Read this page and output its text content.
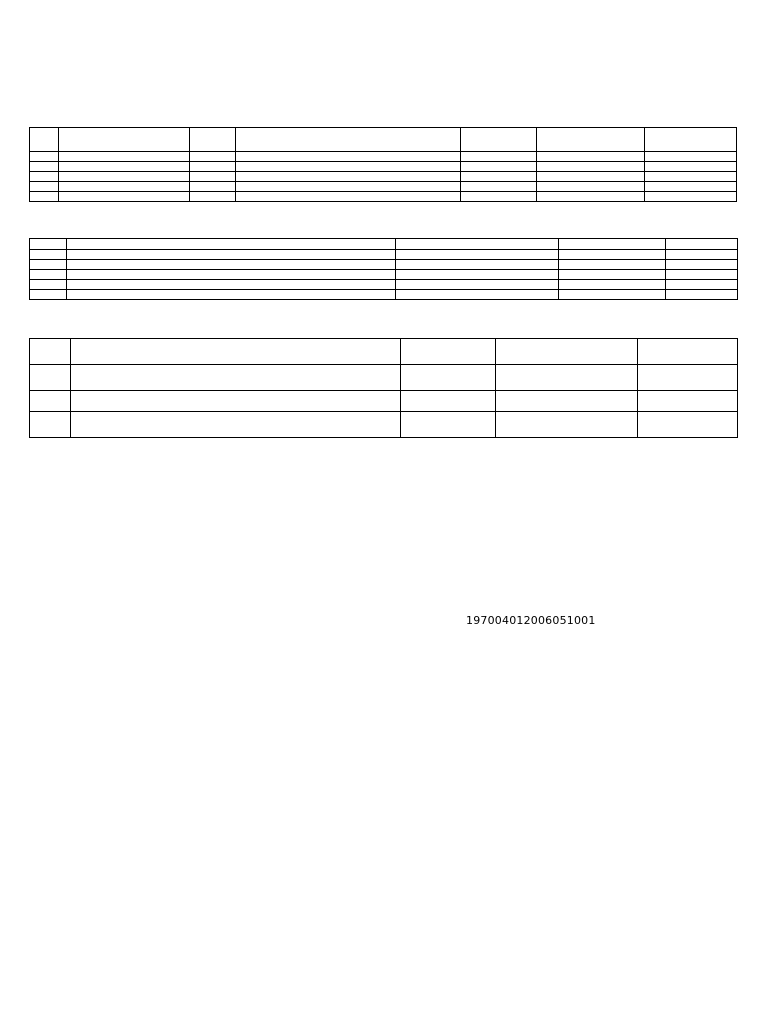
197004012006051001
